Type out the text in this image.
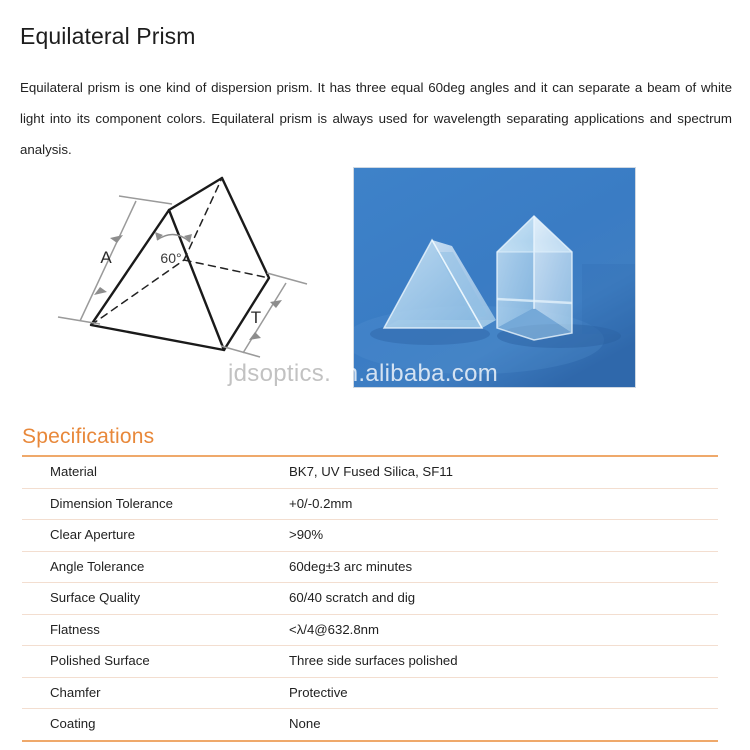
Equilateral Prism
Equilateral prism is one kind of dispersion prism. It has three equal 60deg angles and it can separate a beam of white light into its component colors. Equilateral prism is always used for wavelength separating applications and spectrum analysis.
A
T
60°
jdsoptics.en.alibaba.com
Specifications
Material	BK7, UV Fused Silica, SF11
Dimension Tolerance	+0/-0.2mm
Clear Aperture	>90%
Angle Tolerance	60deg±3 arc minutes
Surface Quality	60/40 scratch and dig
Flatness	<λ/4@632.8nm
Polished Surface	Three side surfaces polished
Chamfer	Protective
Coating	None
